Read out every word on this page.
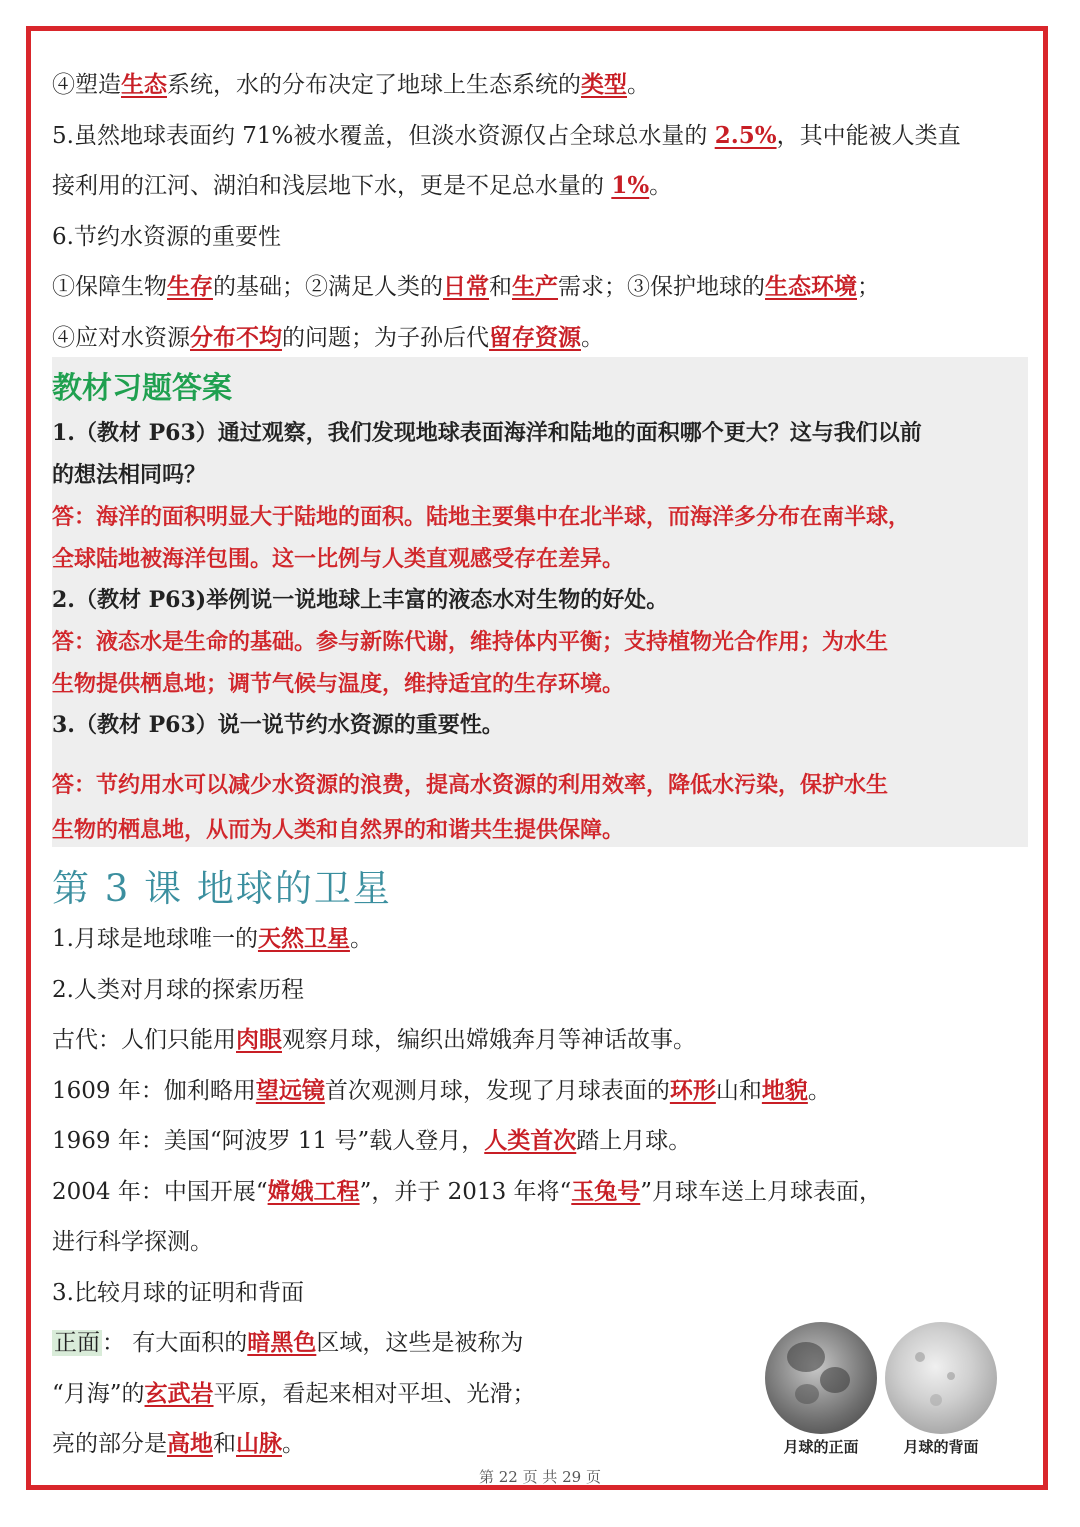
④塑造生态系统，水的分布决定了地球上生态系统的类型。
5.虽然地球表面约 71%被水覆盖，但淡水资源仅占全球总水量的 2.5%，其中能被人类直
接利用的江河、湖泊和浅层地下水，更是不足总水量的 1%。
6.节约水资源的重要性
①保障生物生存的基础；②满足人类的日常和生产需求；③保护地球的生态环境；
④应对水资源分布不均的问题；为子孙后代留存资源。
教材习题答案
1.（教材 P63）通过观察，我们发现地球表面海洋和陆地的面积哪个更大？这与我们以前
的想法相同吗？
答：海洋的面积明显大于陆地的面积。陆地主要集中在北半球，而海洋多分布在南半球，
全球陆地被海洋包围。这一比例与人类直观感受存在差异。
2.（教材 P63)举例说一说地球上丰富的液态水对生物的好处。
答：液态水是生命的基础。参与新陈代谢，维持体内平衡；支持植物光合作用；为水生
生物提供栖息地；调节气候与温度，维持适宜的生存环境。
3.（教材 P63）说一说节约水资源的重要性。
答：节约用水可以减少水资源的浪费，提高水资源的利用效率，降低水污染，保护水生
生物的栖息地，从而为人类和自然界的和谐共生提供保障。
第 3 课 地球的卫星
1.月球是地球唯一的天然卫星。
2.人类对月球的探索历程
古代：人们只能用肉眼观察月球，编织出嫦娥奔月等神话故事。
1609 年：伽利略用望远镜首次观测月球，发现了月球表面的环形山和地貌。
1969 年：美国“阿波罗 11 号”载人登月，人类首次踏上月球。
2004 年：中国开展“嫦娥工程”，并于 2013 年将“玉兔号”月球车送上月球表面，
进行科学探测。
3.比较月球的证明和背面
正面： 有大面积的暗黑色区域，这些是被称为
“月海”的玄武岩平原，看起来相对平坦、光滑；
亮的部分是高地和山脉。	月球的正面	月球的背面
第 22 页 共 29 页
